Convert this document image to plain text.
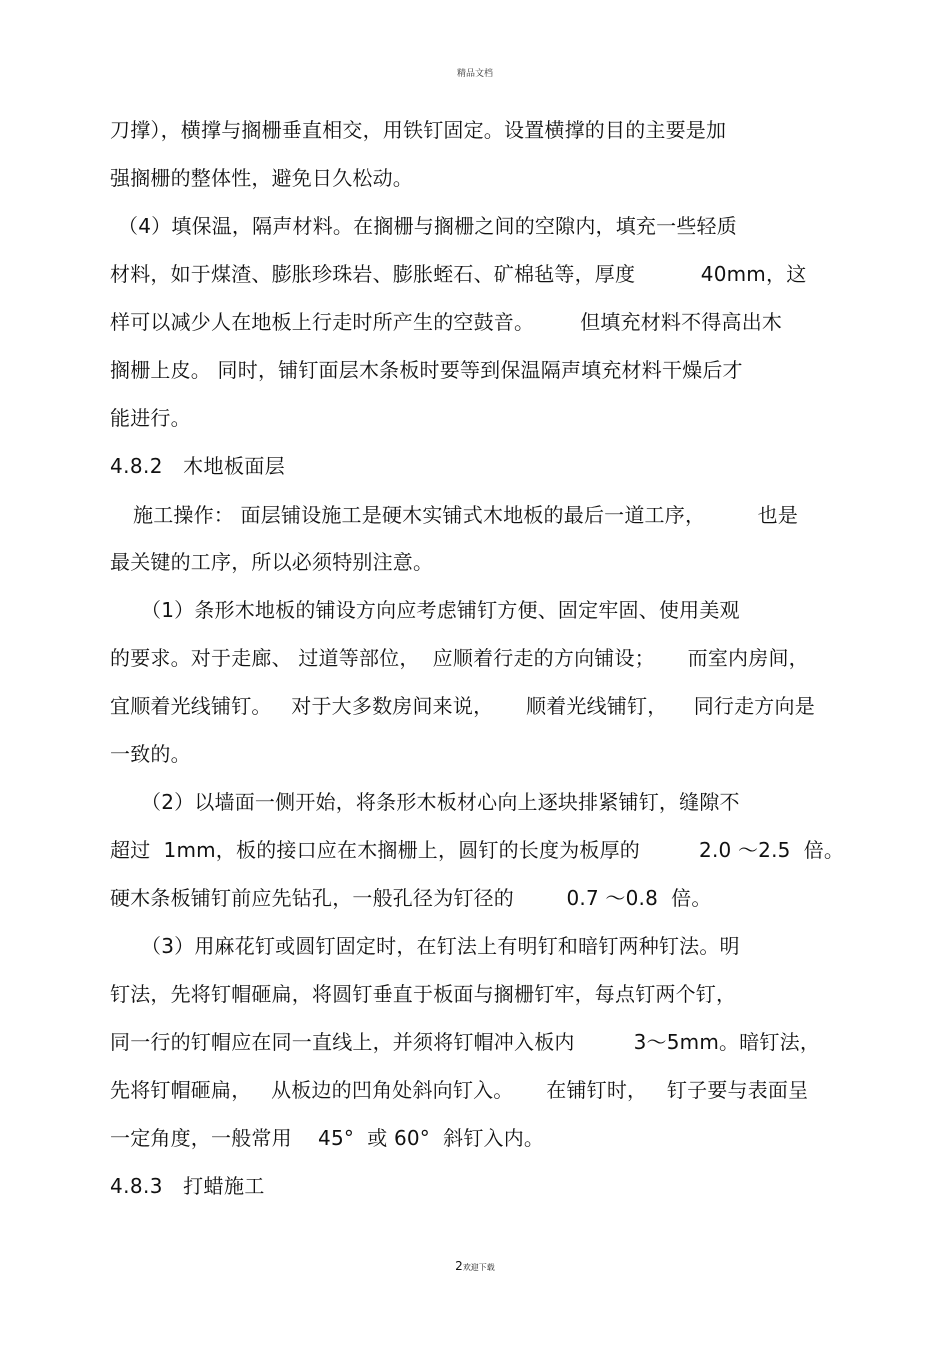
精品文档
刀撑），横撑与搁栅垂直相交，用铁钉固定。设置横撑的目的主要是加
强搁栅的整体性，避免日久松动。
（4）填保温，隔声材料。在搁栅与搁栅之间的空隙内，填充一些轻质
材料，如于煤渣、膨胀珍珠岩、膨胀蛭石、矿棉毡等，厚度          40mm，这
样可以减少人在地板上行走时所产生的空鼓音。       但填充材料不得高出木
搁栅上皮。 同时，铺钉面层木条板时要等到保温隔声填充材料干燥后才
能进行。
4.8.2   木地板面层
施工操作： 面层铺设施工是硬木实铺式木地板的最后一道工序，        也是
最关键的工序，所以必须特别注意。
（1）条形木地板的铺设方向应考虑铺钉方便、固定牢固、使用美观
的要求。对于走廊、 过道等部位，  应顺着行走的方向铺设；     而室内房间，
宜顺着光线铺钉。   对于大多数房间来说，     顺着光线铺钉，    同行走方向是
一致的。
（2）以墙面一侧开始，将条形木板材心向上逐块排紧铺钉，缝隙不
超过  1mm，板的接口应在木搁栅上，圆钉的长度为板厚的         2.0 ～2.5  倍。
硬木条板铺钉前应先钻孔，一般孔径为钉径的        0.7 ～0.8  倍。
（3）用麻花钉或圆钉固定时，在钉法上有明钉和暗钉两种钉法。明
钉法，先将钉帽砸扁，将圆钉垂直于板面与搁栅钉牢，每点钉两个钉，
同一行的钉帽应在同一直线上，并须将钉帽冲入板内         3～5mm。暗钉法，
先将钉帽砸扁，   从板边的凹角处斜向钉入。     在铺钉时，   钉子要与表面呈
一定角度，一般常用    45°  或 60°  斜钉入内。
4.8.3   打蜡施工
2欢迎下载
